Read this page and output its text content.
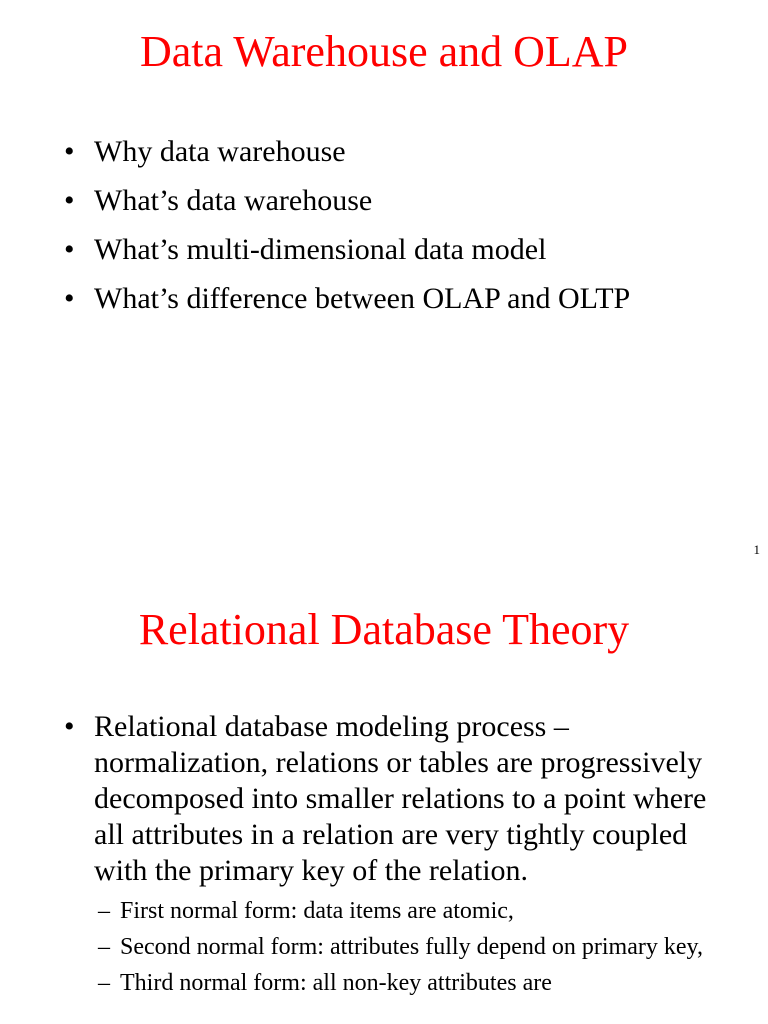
Data Warehouse and OLAP
• Why data warehouse
• What’s data warehouse
• What’s multi-dimensional data model
• What’s difference between OLAP and OLTP
1
Relational Database Theory
• Relational database modeling process – normalization, relations or tables are progressively decomposed into smaller relations to a point where all attributes in a relation are very tightly coupled with the primary key of the relation.
– First normal form: data items are atomic,
– Second normal form: attributes fully depend on primary key,
– Third normal form: all non-key attributes are
